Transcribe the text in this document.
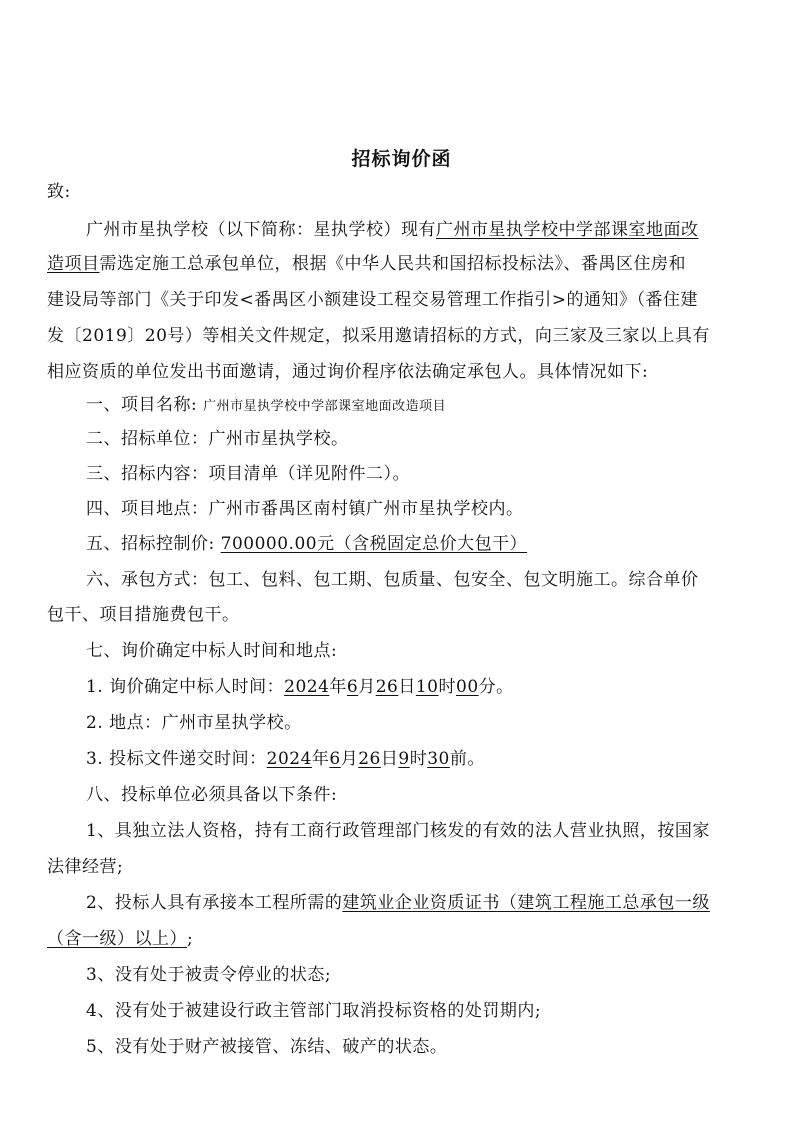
招标询价函
致:
广州市星执学校（以下简称：星执学校）现有广州市星执学校中学部课室地面改
造项目需选定施工总承包单位，根据《中华人民共和国招标投标法》、番禺区住房和
建设局等部门《关于印发<番禺区小额建设工程交易管理工作指引>的通知》（番住建
发〔2019〕20号）等相关文件规定，拟采用邀请招标的方式，向三家及三家以上具有
相应资质的单位发出书面邀请，通过询价程序依法确定承包人。具体情况如下:
一、项目名称: 广州市星执学校中学部课室地面改造项目
二、招标单位：广州市星执学校。
三、招标内容：项目清单（详见附件二）。
四、项目地点：广州市番禺区南村镇广州市星执学校内。
五、招标控制价: 700000.00元（含税固定总价大包干）
六、承包方式：包工、包料、包工期、包质量、包安全、包文明施工。综合单价
包干、项目措施费包干。
七、询价确定中标人时间和地点:
1. 询价确定中标人时间：2024年6月26日10时00分。
2. 地点：广州市星执学校。
3. 投标文件递交时间：2024年6月26日9时30前。
八、投标单位必须具备以下条件:
1、具独立法人资格，持有工商行政管理部门核发的有效的法人营业执照，按国家
法律经营;
2、投标人具有承接本工程所需的建筑业企业资质证书（建筑工程施工总承包一级
（含一级）以上）;
3、没有处于被责令停业的状态;
4、没有处于被建设行政主管部门取消投标资格的处罚期内;
5、没有处于财产被接管、冻结、破产的状态。
